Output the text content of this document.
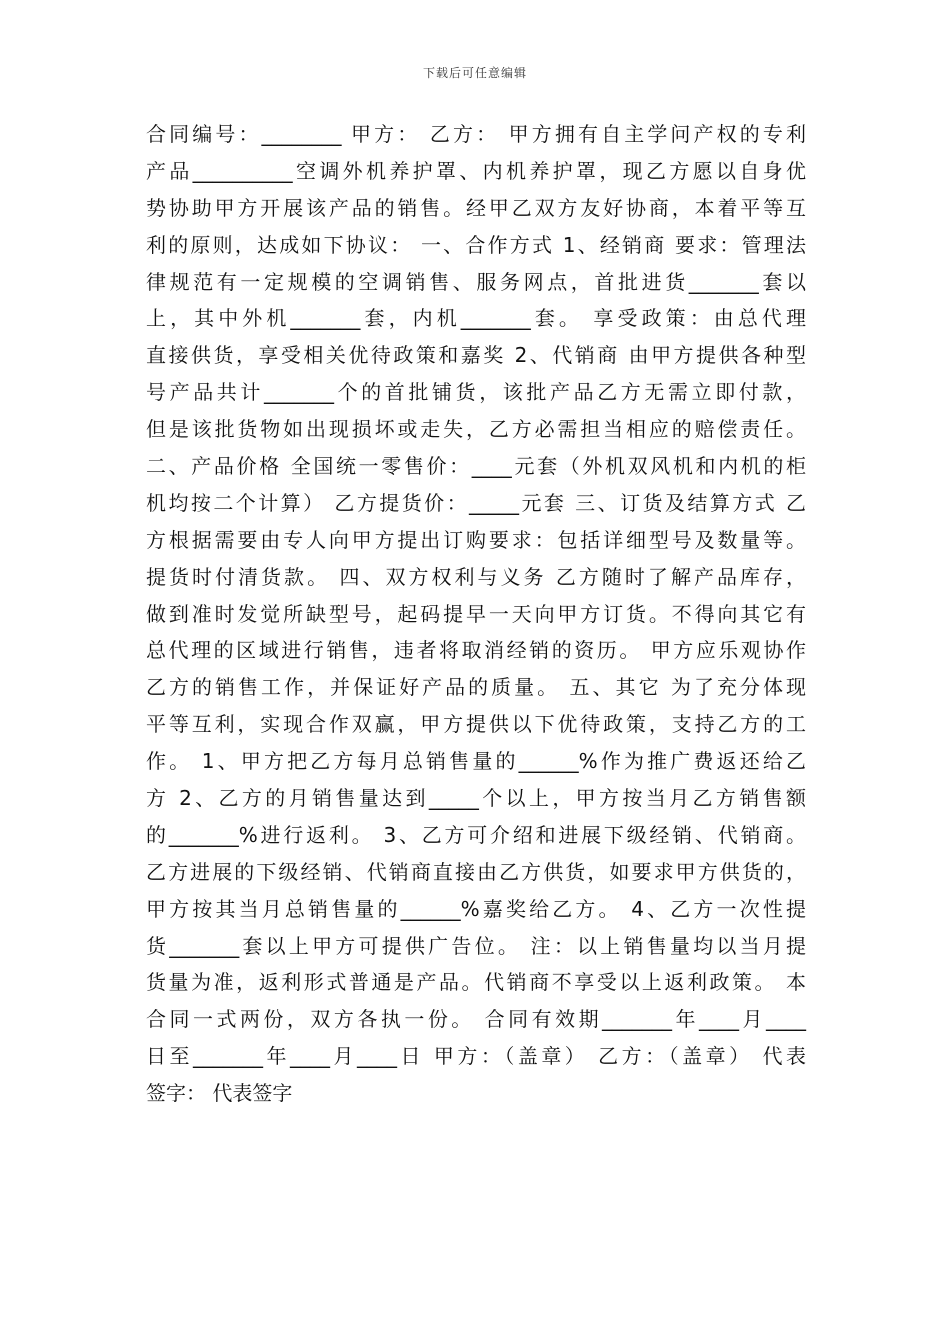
下载后可任意编辑
合同编号：________ 甲方： 乙方： 甲方拥有自主学问产权的专利
产品__________空调外机养护罩、内机养护罩，现乙方愿以自身优
势协助甲方开展该产品的销售。经甲乙双方友好协商，本着平等互
利的原则，达成如下协议： 一、合作方式 1、经销商 要求：管理法
律规范有一定规模的空调销售、服务网点，首批进货_______套以
上，其中外机_______套，内机_______套。 享受政策：由总代理
直接供货，享受相关优待政策和嘉奖 2、代销商 由甲方提供各种型
号产品共计_______个的首批铺货，该批产品乙方无需立即付款，
但是该批货物如出现损坏或走失，乙方必需担当相应的赔偿责任。
二、产品价格 全国统一零售价：____元套（外机双风机和内机的柜
机均按二个计算） 乙方提货价：_____元套 三、订货及结算方式 乙
方根据需要由专人向甲方提出订购要求：包括详细型号及数量等。
提货时付清货款。 四、双方权利与义务 乙方随时了解产品库存，
做到准时发觉所缺型号，起码提早一天向甲方订货。不得向其它有
总代理的区域进行销售，违者将取消经销的资历。 甲方应乐观协作
乙方的销售工作，并保证好产品的质量。 五、其它 为了充分体现
平等互利，实现合作双赢，甲方提供以下优待政策，支持乙方的工
作。 1、甲方把乙方每月总销售量的______%作为推广费返还给乙
方 2、乙方的月销售量达到_____个以上，甲方按当月乙方销售额
的_______%进行返利。 3、乙方可介绍和进展下级经销、代销商。
乙方进展的下级经销、代销商直接由乙方供货，如要求甲方供货的，
甲方按其当月总销售量的______%嘉奖给乙方。 4、乙方一次性提
货_______套以上甲方可提供广告位。 注：以上销售量均以当月提
货量为准，返利形式普通是产品。代销商不享受以上返利政策。 本
合同一式两份，双方各执一份。 合同有效期_______年____月____
日至_______年____月____日 甲方：（盖章） 乙方：（盖章） 代表
签字： 代表签字
